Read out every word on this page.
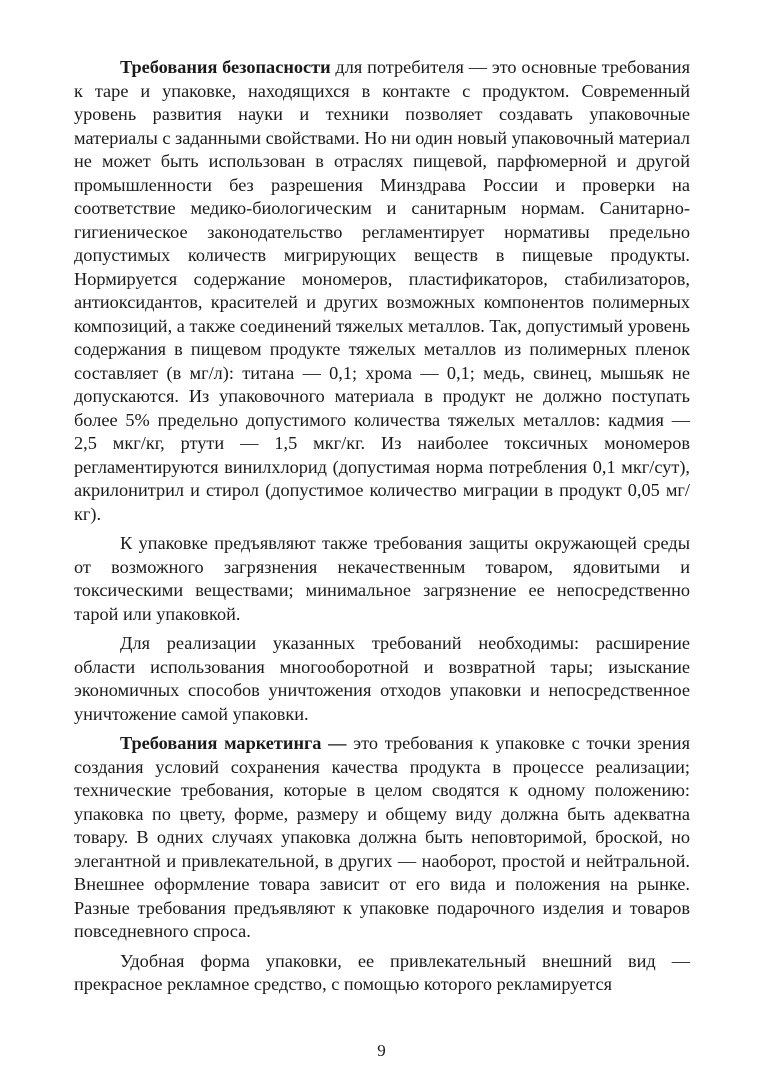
Требования безопасности для потребителя — это основные требования к таре и упаковке, находящихся в контакте с продуктом. Современный уровень развития науки и техники позволяет создавать упаковочные материалы с заданными свойствами. Но ни один новый упаковочный материал не может быть использован в отраслях пищевой, парфюмерной и другой промышленности без разрешения Минздрава России и проверки на соответствие медико-биологическим и санитарным нормам. Санитарно-гигиеническое законодательство регламентирует нормативы предельно допустимых количеств мигрирующих веществ в пищевые продукты. Нормируется содержание мономеров, пластификаторов, стабилизаторов, антиоксидантов, красителей и других возможных компонентов полимерных композиций, а также соединений тяжелых металлов. Так, допустимый уровень содержания в пищевом продукте тяжелых металлов из полимерных пленок составляет (в мг/л): титана — 0,1; хрома — 0,1; медь, свинец, мышьяк не допускаются. Из упаковочного материала в продукт не должно поступать более 5% предельно допустимого количества тяжелых металлов: кадмия — 2,5 мкг/кг, ртути — 1,5 мкг/кг. Из наиболее токсичных мономеров регламентируются винилхлорид (допустимая норма потребления 0,1 мкг/сут), акрилонитрил и стирол (допустимое количество миграции в продукт 0,05 мг/кг).

К упаковке предъявляют также требования защиты окружающей среды от возможного загрязнения некачественным товаром, ядовитыми и токсическими веществами; минимальное загрязнение ее непосредственно тарой или упаковкой.

Для реализации указанных требований необходимы: расширение области использования многооборотной и возвратной тары; изыскание экономичных способов уничтожения отходов упаковки и непосредственное уничтожение самой упаковки.

Требования маркетинга — это требования к упаковке с точки зрения создания условий сохранения качества продукта в процессе реализации; технические требования, которые в целом сводятся к одному положению: упаковка по цвету, форме, размеру и общему виду должна быть адекватна товару. В одних случаях упаковка должна быть неповторимой, броской, но элегантной и привлекательной, в других — наоборот, простой и нейтральной. Внешнее оформление товара зависит от его вида и положения на рынке. Разные требования предъявляют к упаковке подарочного изделия и товаров повседневного спроса.

Удобная форма упаковки, ее привлекательный внешний вид — прекрасное рекламное средство, с помощью которого рекламируется

9
